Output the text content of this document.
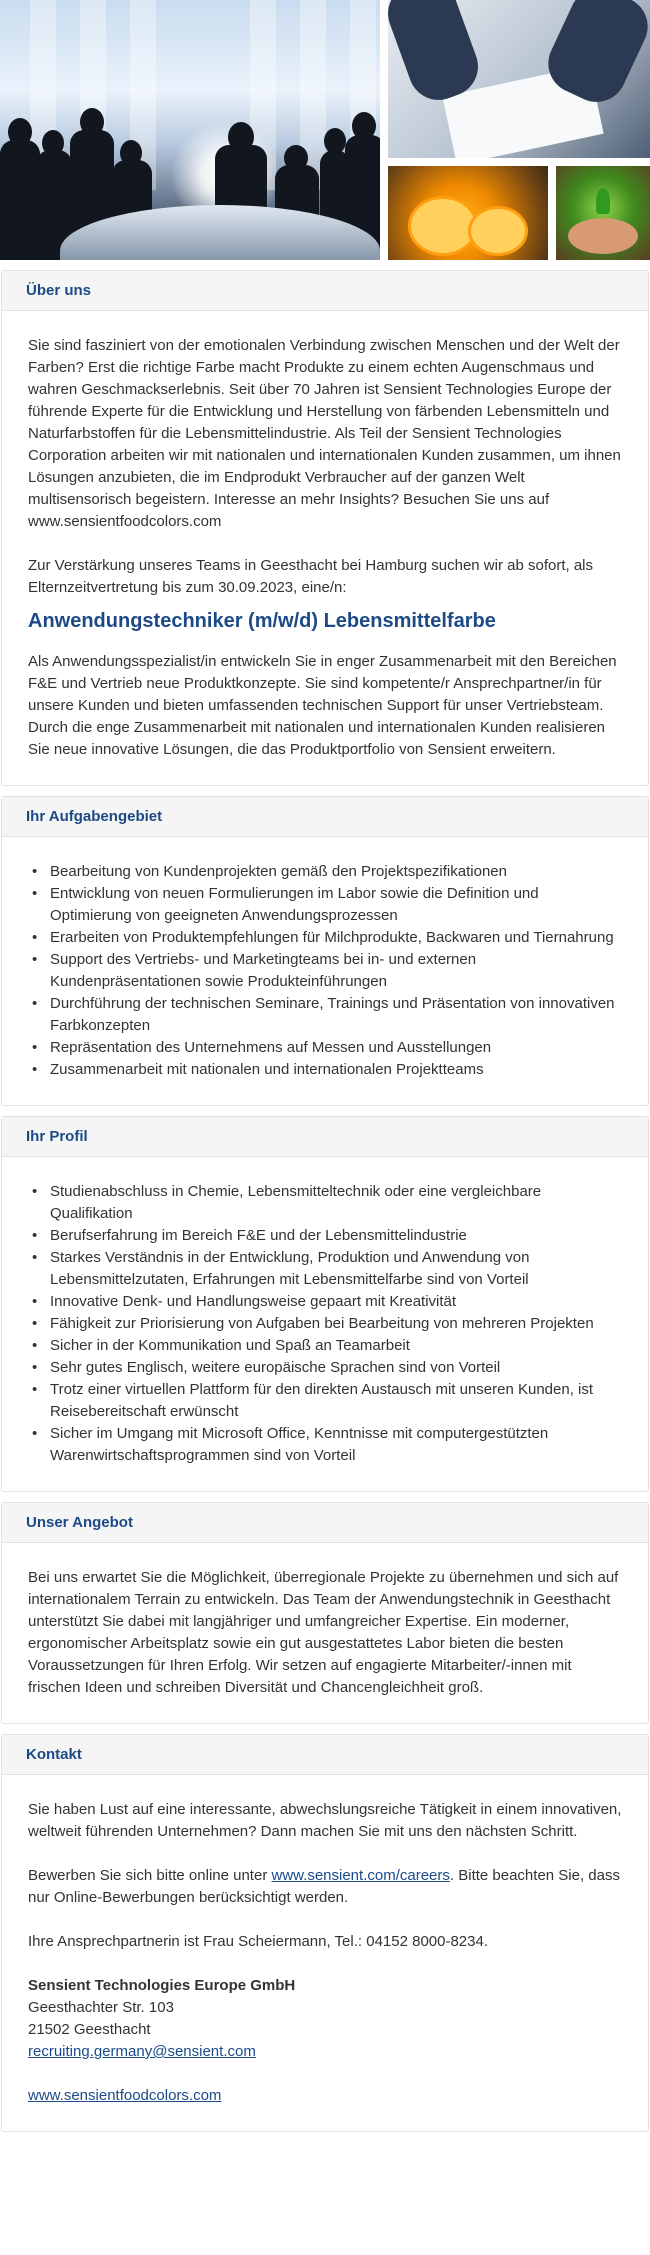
Über uns

Sie sind fasziniert von der emotionalen Verbindung zwischen Menschen und der Welt der Farben? Erst die richtige Farbe macht Produkte zu einem echten Augenschmaus und wahren Geschmackserlebnis. Seit über 70 Jahren ist Sensient Technologies Europe der führende Experte für die Entwicklung und Herstellung von färbenden Lebensmitteln und Naturfarbstoffen für die Lebensmittelindustrie. Als Teil der Sensient Technologies Corporation arbeiten wir mit nationalen und internationalen Kunden zusammen, um ihnen Lösungen anzubieten, die im Endprodukt Verbraucher auf der ganzen Welt multisensorisch begeistern. Interesse an mehr Insights? Besuchen Sie uns auf www.sensientfoodcolors.com

Zur Verstärkung unseres Teams in Geesthacht bei Hamburg suchen wir ab sofort, als Elternzeitvertretung bis zum 30.09.2023, eine/n:

Anwendungstechniker (m/w/d) Lebensmittelfarbe

Als Anwendungsspezialist/in entwickeln Sie in enger Zusammenarbeit mit den Bereichen F&E und Vertrieb neue Produktkonzepte. Sie sind kompetente/r Ansprechpartner/in für unsere Kunden und bieten umfassenden technischen Support für unser Vertriebsteam. Durch die enge Zusammenarbeit mit nationalen und internationalen Kunden realisieren Sie neue innovative Lösungen, die das Produktportfolio von Sensient erweitern.

Ihr Aufgabengebiet
• Bearbeitung von Kundenprojekten gemäß den Projektspezifikationen
• Entwicklung von neuen Formulierungen im Labor sowie die Definition und Optimierung von geeigneten Anwendungsprozessen
• Erarbeiten von Produktempfehlungen für Milchprodukte, Backwaren und Tiernahrung
• Support des Vertriebs- und Marketingteams bei in- und externen Kundenpräsentationen sowie Produkteinführungen
• Durchführung der technischen Seminare, Trainings und Präsentation von innovativen Farbkonzepten
• Repräsentation des Unternehmens auf Messen und Ausstellungen
• Zusammenarbeit mit nationalen und internationalen Projektteams
Ihr Profil
• Studienabschluss in Chemie, Lebensmitteltechnik oder eine vergleichbare Qualifikation
• Berufserfahrung im Bereich F&E und der Lebensmittelindustrie
• Starkes Verständnis in der Entwicklung, Produktion und Anwendung von Lebensmittelzutaten, Erfahrungen mit Lebensmittelfarbe sind von Vorteil
• Innovative Denk- und Handlungsweise gepaart mit Kreativität
• Fähigkeit zur Priorisierung von Aufgaben bei Bearbeitung von mehreren Projekten
• Sicher in der Kommunikation und Spaß an Teamarbeit
• Sehr gutes Englisch, weitere europäische Sprachen sind von Vorteil
• Trotz einer virtuellen Plattform für den direkten Austausch mit unseren Kunden, ist Reisebereitschaft erwünscht
• Sicher im Umgang mit Microsoft Office, Kenntnisse mit computergestützten Warenwirtschaftsprogrammen sind von Vorteil
Unser Angebot

Bei uns erwartet Sie die Möglichkeit, überregionale Projekte zu übernehmen und sich auf internationalem Terrain zu entwickeln. Das Team der Anwendungstechnik in Geesthacht unterstützt Sie dabei mit langjähriger und umfangreicher Expertise. Ein moderner, ergonomischer Arbeitsplatz sowie ein gut ausgestattetes Labor bieten die besten Voraussetzungen für Ihren Erfolg. Wir setzen auf engagierte Mitarbeiter/-innen mit frischen Ideen und schreiben Diversität und Chancengleichheit groß.

Kontakt

Sie haben Lust auf eine interessante, abwechslungsreiche Tätigkeit in einem innovativen, weltweit führenden Unternehmen? Dann machen Sie mit uns den nächsten Schritt.

Bewerben Sie sich bitte online unter www.sensient.com/careers. Bitte beachten Sie, dass nur Online-Bewerbungen berücksichtigt werden.

Ihre Ansprechpartnerin ist Frau Scheiermann, Tel.: 04152 8000-8234.

Sensient Technologies Europe GmbH
Geesthachter Str. 103
21502 Geesthacht
recruiting.germany@sensient.com

www.sensientfoodcolors.com
